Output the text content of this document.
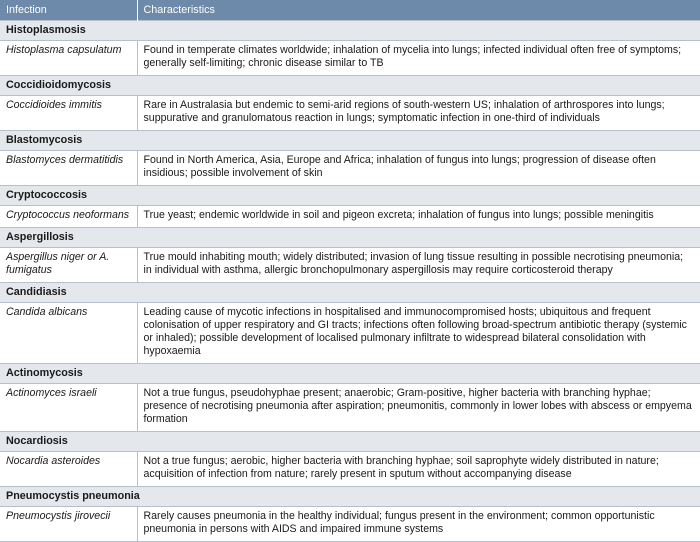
Infection	Characteristics
Histoplasmosis	
Histoplasma capsulatum	Found in temperate climates worldwide; inhalation of mycelia into lungs; infected individual often free of symptoms; generally self-limiting; chronic disease similar to TB
Coccidioidomycosis	
Coccidioides immitis	Rare in Australasia but endemic to semi-arid regions of south-western US; inhalation of arthrospores into lungs; suppurative and granulomatous reaction in lungs; symptomatic infection in one-third of individuals
Blastomycosis	
Blastomyces dermatitidis	Found in North America, Asia, Europe and Africa; inhalation of fungus into lungs; progression of disease often insidious; possible involvement of skin
Cryptococcosis	
Cryptococcus neoformans	True yeast; endemic worldwide in soil and pigeon excreta; inhalation of fungus into lungs; possible meningitis
Aspergillosis	
Aspergillus niger or A. fumigatus	True mould inhabiting mouth; widely distributed; invasion of lung tissue resulting in possible necrotising pneumonia; in individual with asthma, allergic bronchopulmonary aspergillosis may require corticosteroid therapy
Candidiasis	
Candida albicans	Leading cause of mycotic infections in hospitalised and immunocompromised hosts; ubiquitous and frequent colonisation of upper respiratory and GI tracts; infections often following broad-spectrum antibiotic therapy (systemic or inhaled); possible development of localised pulmonary infiltrate to widespread bilateral consolidation with hypoxaemia
Actinomycosis	
Actinomyces israeli	Not a true fungus, pseudohyphae present; anaerobic; Gram-positive, higher bacteria with branching hyphae; presence of necrotising pneumonia after aspiration; pneumonitis, commonly in lower lobes with abscess or empyema formation
Nocardiosis	
Nocardia asteroides	Not a true fungus; aerobic, higher bacteria with branching hyphae; soil saprophyte widely distributed in nature; acquisition of infection from nature; rarely present in sputum without accompanying disease
Pneumocystis pneumonia	
Pneumocystis jirovecii	Rarely causes pneumonia in the healthy individual; fungus present in the environment; common opportunistic pneumonia in persons with AIDS and impaired immune systems
